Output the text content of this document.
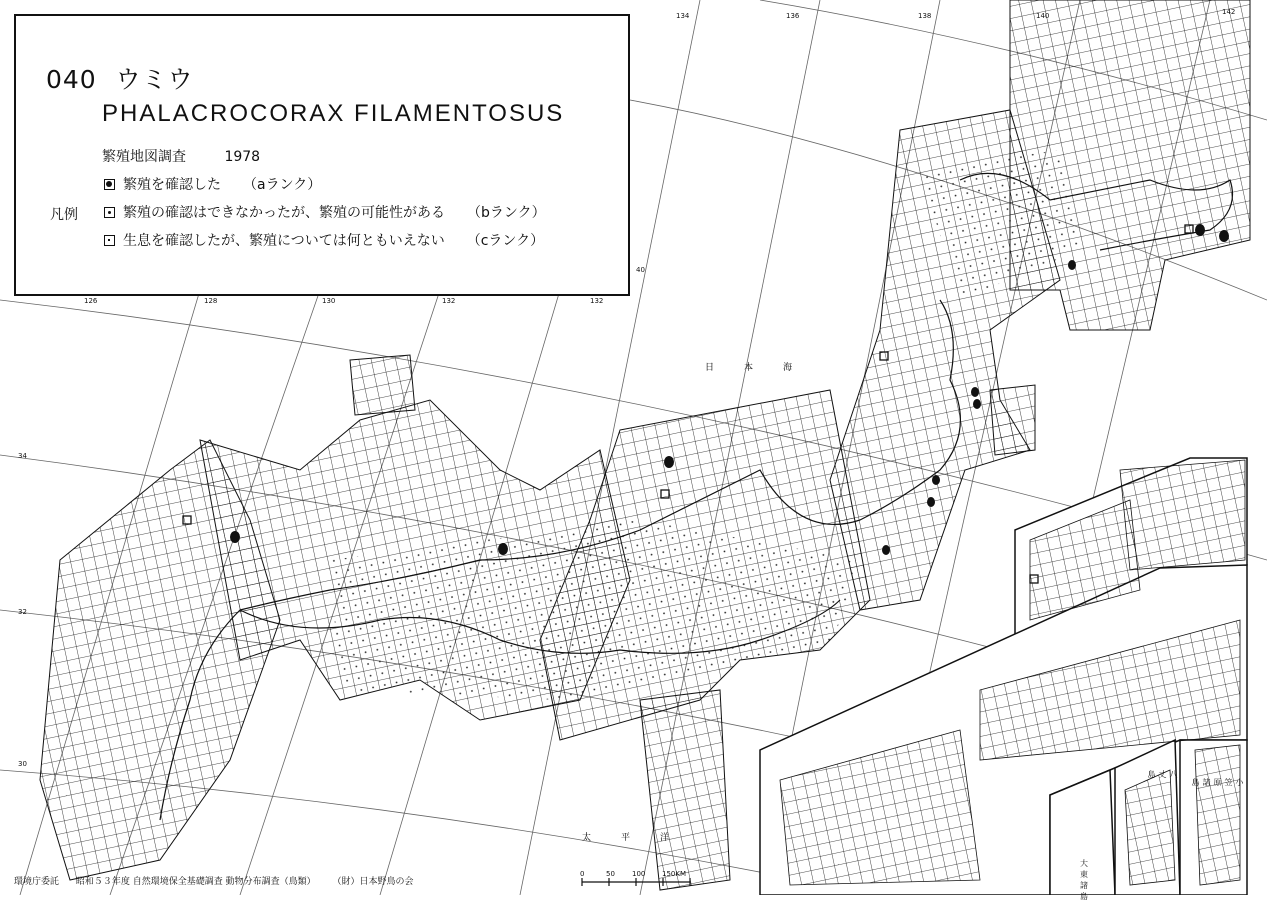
日本海
太平洋
126	128	130	132
134	136
132
138	140	142
30
32
34
40
040 ウミウ
PHALACROCORAX FILAMENTOSUS
繁殖地図調査	1978
凡例
繁殖を確認した （aランク）
繁殖の確認はできなかったが、繁殖の可能性がある （bランク）
生息を確認したが、繁殖については何ともいえない （cランク）
小笠原諸島
大東諸島
八丈島
環境庁委託 昭和５３年度 自然環境保全基礎調査 動物分布調査（鳥類） （財）日本野鳥の会
0	50 100 150KM
